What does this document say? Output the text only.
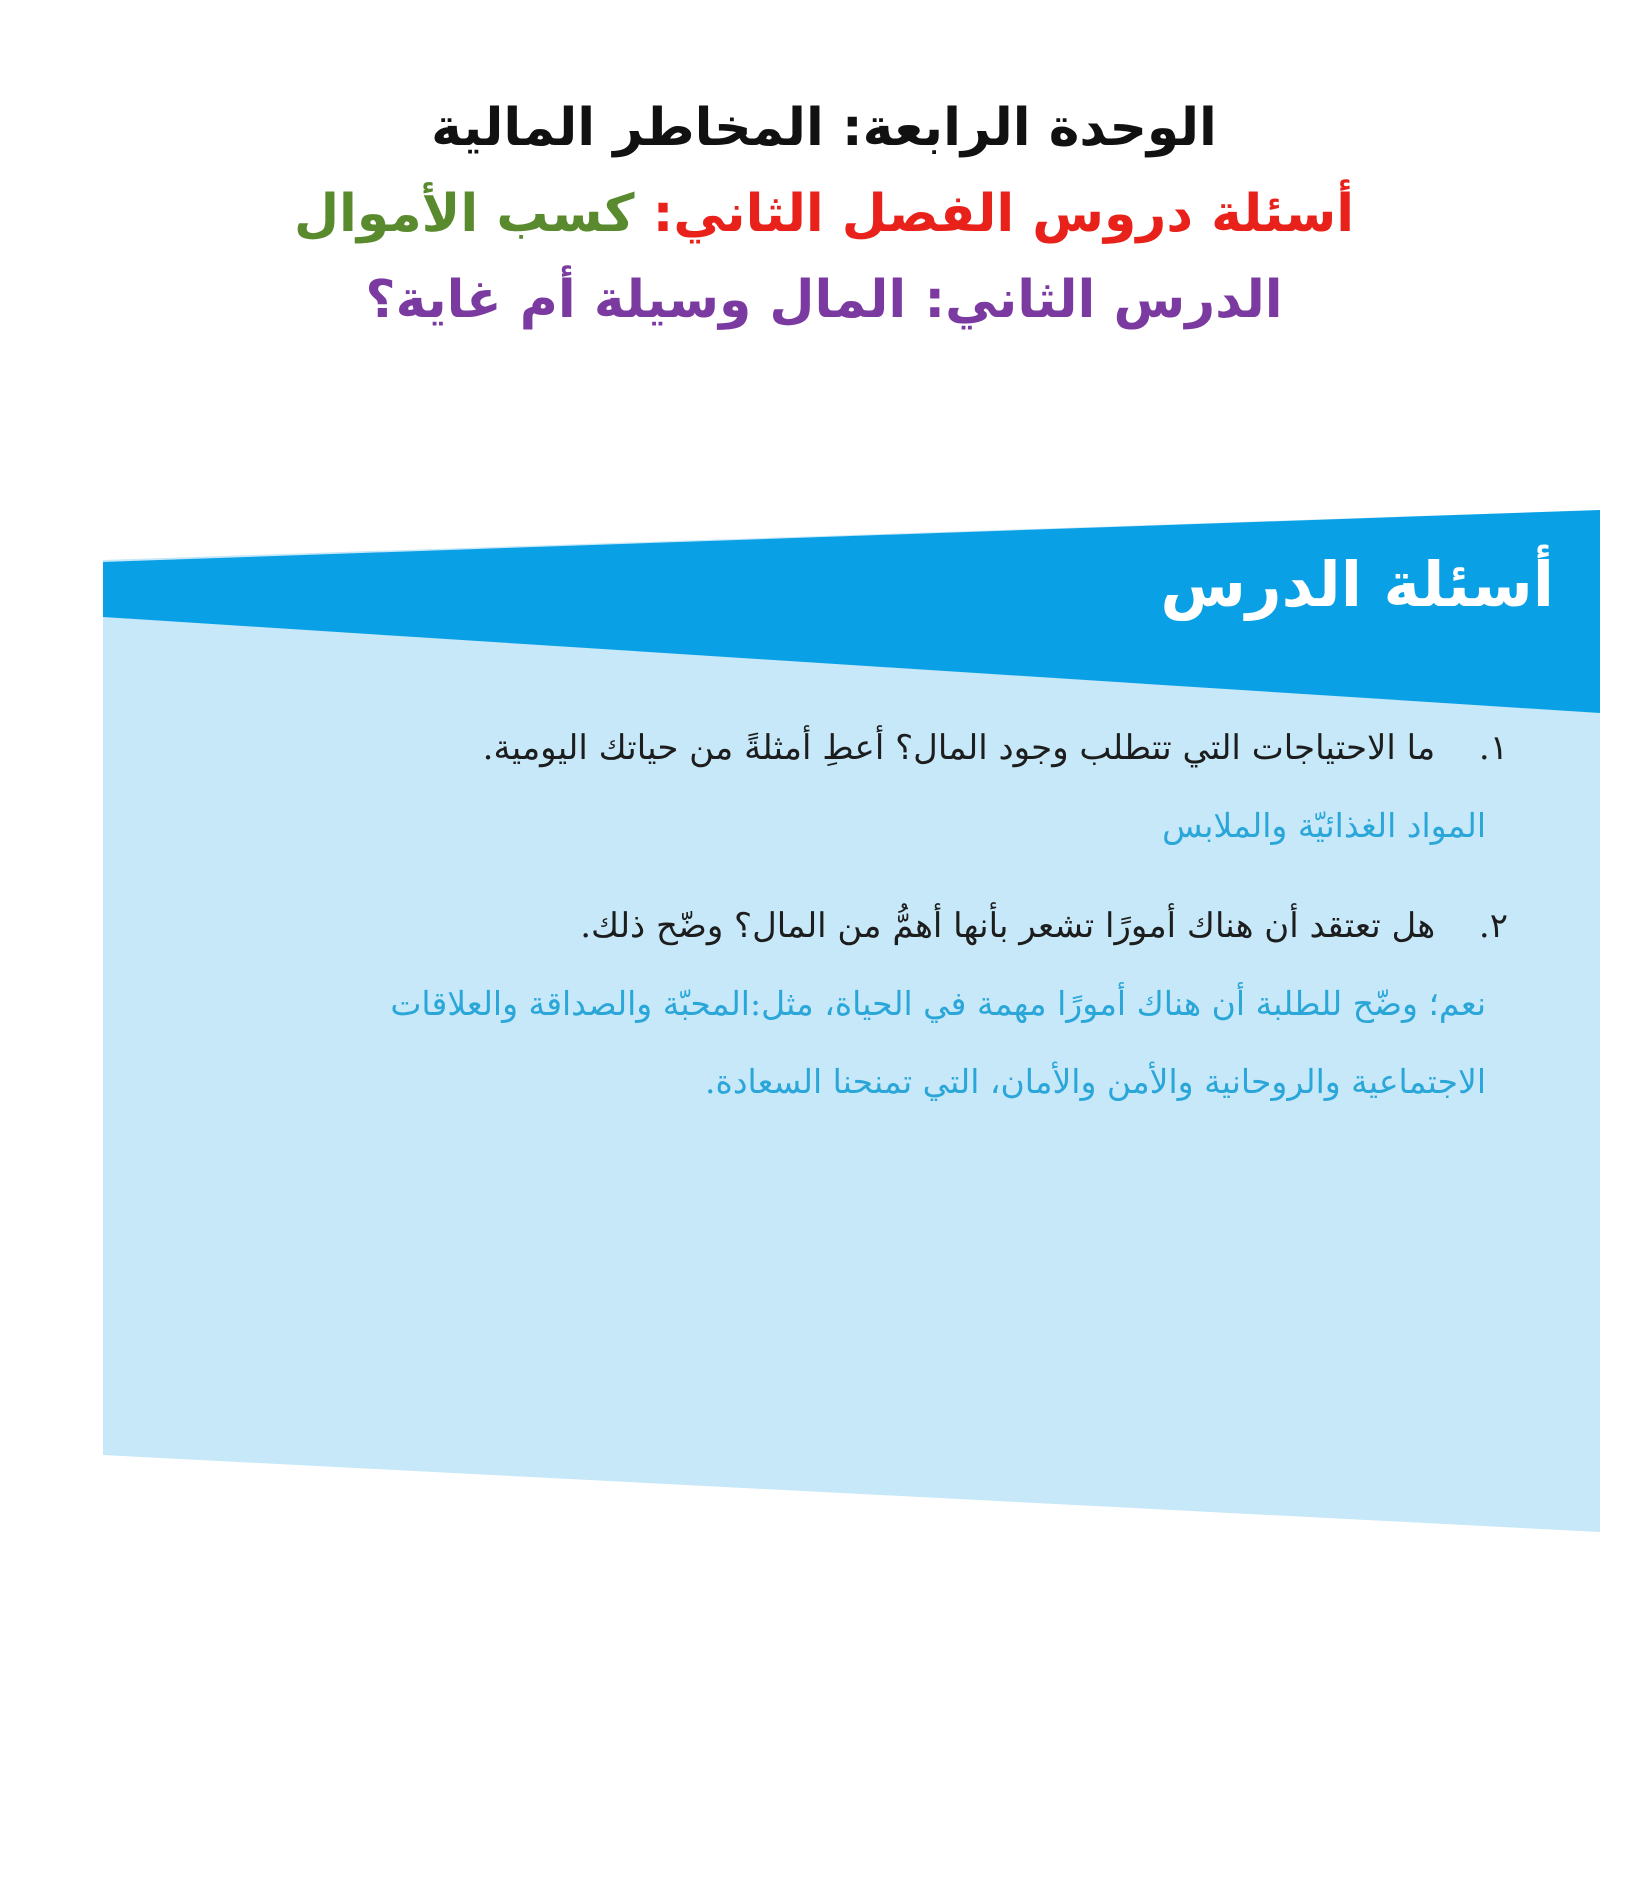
الوحدة الرابعة: المخاطر المالية
أسئلة دروس الفصل الثاني: كسب الأموال
الدرس الثاني: المال وسيلة أم غاية؟
أسئلة الدرس
١. ما الاحتياجات التي تتطلب وجود المال؟ أعطِ أمثلةً من حياتك اليومية.
المواد الغذائيّة والملابس
٢. هل تعتقد أن هناك أمورًا تشعر بأنها أهمُّ من المال؟ وضّح ذلك.
نعم؛ وضّح للطلبة أن هناك أمورًا مهمة في الحياة، مثل:المحبّة والصداقة والعلاقات
الاجتماعية والروحانية والأمن والأمان، التي تمنحنا السعادة.
